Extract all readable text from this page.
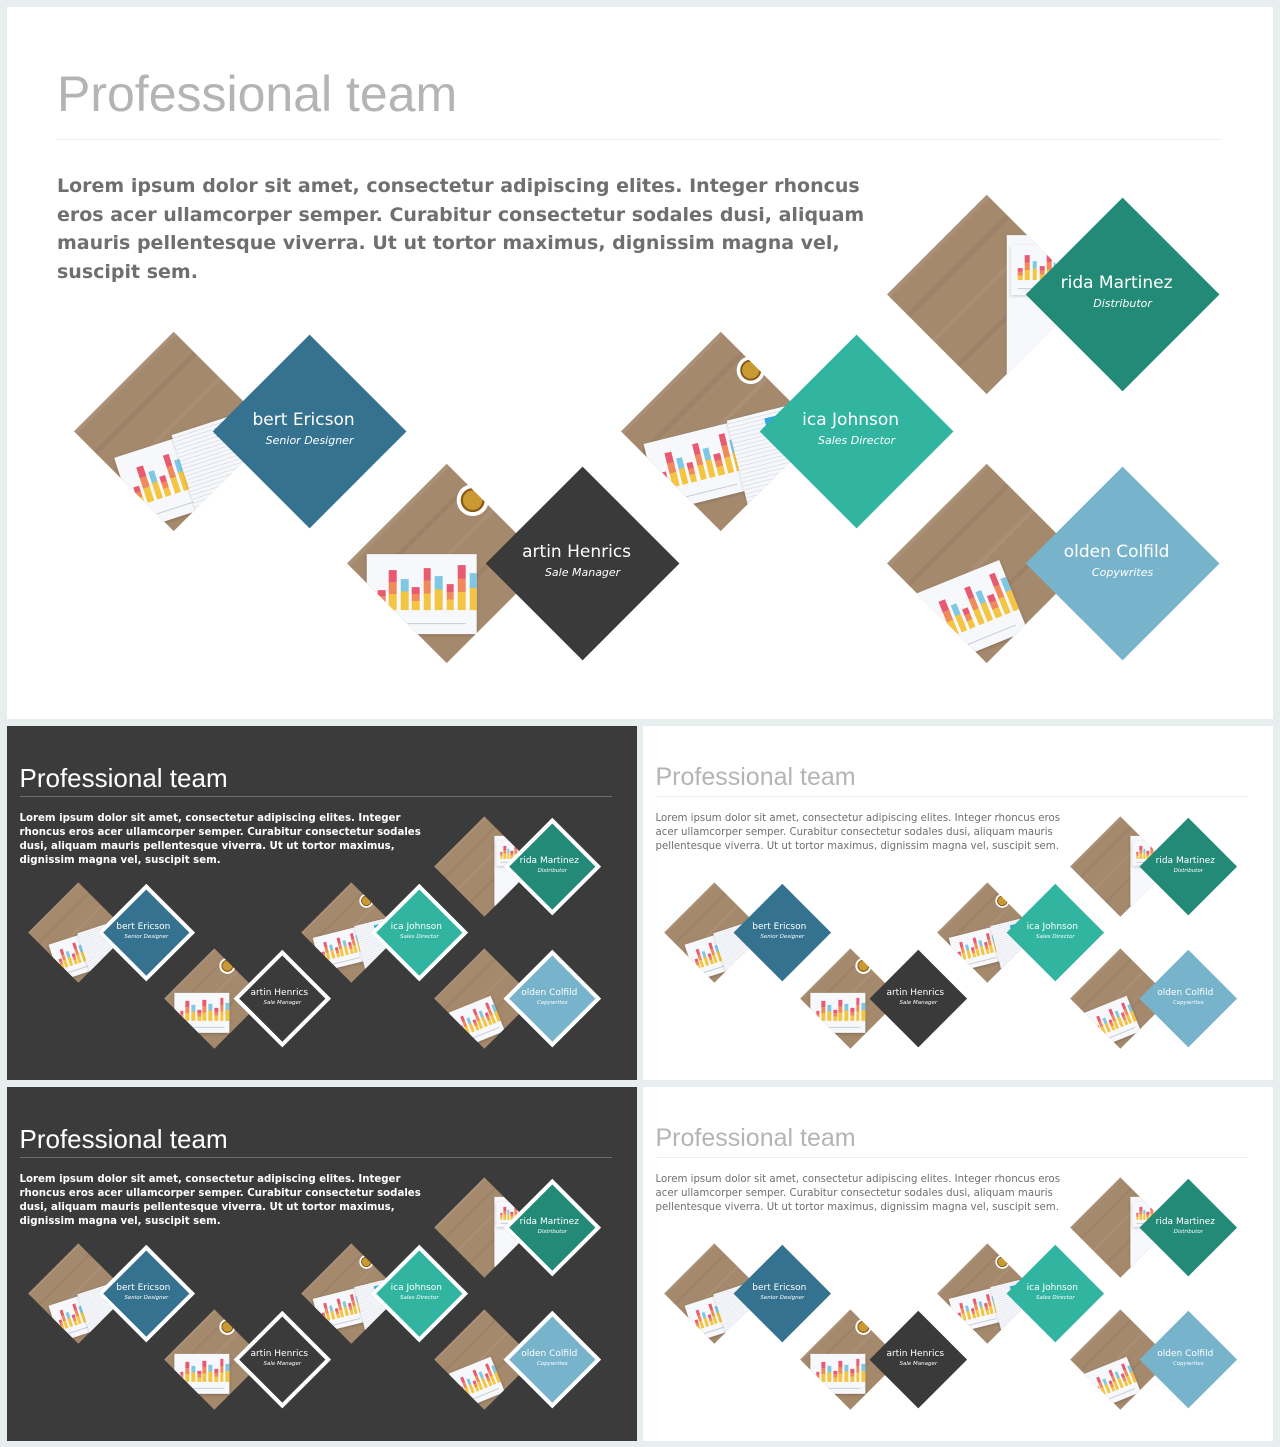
Professional team

Lorem ipsum dolor sit amet, consectetur adipiscing elites. Integer rhoncus eros acer ullamcorper semper. Curabitur consectetur sodales dusi, aliquam mauris pellentesque viverra. Ut ut tortor maximus, dignissim magna vel, suscipit sem.

bert Ericson
Senior Designer
artin Henrics
Sale Manager
ica Johnson
Sales Director
rida Martinez
Distributor
olden Colfild
Copywrites
Professional team

Lorem ipsum dolor sit amet, consectetur adipiscing elites. Integer rhoncus eros acer ullamcorper semper. Curabitur consectetur sodales dusi, aliquam mauris pellentesque viverra. Ut ut tortor maximus, dignissim magna vel, suscipit sem.

bert Ericson
Senior Designer
artin Henrics
Sale Manager
ica Johnson
Sales Director
rida Martinez
Distributor
olden Colfild
Copywrites
Professional team

Lorem ipsum dolor sit amet, consectetur adipiscing elites. Integer rhoncus eros acer ullamcorper semper. Curabitur consectetur sodales dusi, aliquam mauris pellentesque viverra. Ut ut tortor maximus, dignissim magna vel, suscipit sem.

bert Ericson
Senior Designer
artin Henrics
Sale Manager
ica Johnson
Sales Director
rida Martinez
Distributor
olden Colfild
Copywrites
Professional team

Lorem ipsum dolor sit amet, consectetur adipiscing elites. Integer rhoncus eros acer ullamcorper semper. Curabitur consectetur sodales dusi, aliquam mauris pellentesque viverra. Ut ut tortor maximus, dignissim magna vel, suscipit sem.

bert Ericson
Senior Designer
artin Henrics
Sale Manager
ica Johnson
Sales Director
rida Martinez
Distributor
olden Colfild
Copywrites
Professional team

Lorem ipsum dolor sit amet, consectetur adipiscing elites. Integer rhoncus eros acer ullamcorper semper. Curabitur consectetur sodales dusi, aliquam mauris pellentesque viverra. Ut ut tortor maximus, dignissim magna vel, suscipit sem.

bert Ericson
Senior Designer
artin Henrics
Sale Manager
ica Johnson
Sales Director
rida Martinez
Distributor
olden Colfild
Copywrites
